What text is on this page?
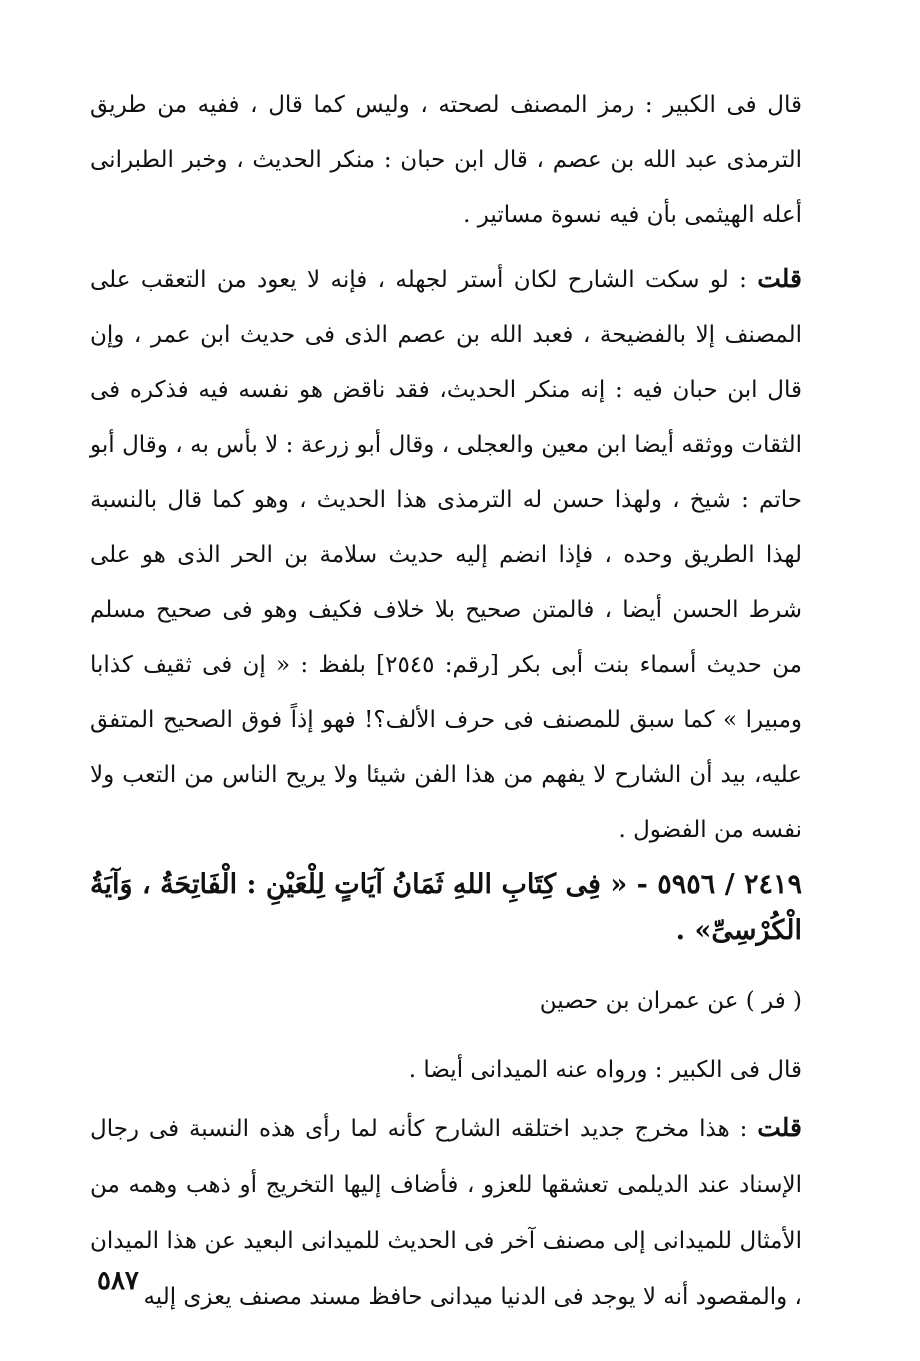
قال فى الكبير : رمز المصنف لصحته ، وليس كما قال ، ففيه من طريق الترمذى عبد الله بن عصم ، قال ابن حبان : منكر الحديث ، وخبر الطبرانى أعله الهيثمى بأن فيه نسوة مساتير .

قلت : لو سكت الشارح لكان أستر لجهله ، فإنه لا يعود من التعقب على المصنف إلا بالفضيحة ، فعبد الله بن عصم الذى فى حديث ابن عمر ، وإن قال ابن حبان فيه : إنه منكر الحديث، فقد ناقض هو نفسه فيه فذكره فى الثقات ووثقه أيضا ابن معين والعجلى ، وقال أبو زرعة : لا بأس به ، وقال أبو حاتم : شيخ ، ولهذا حسن له الترمذى هذا الحديث ، وهو كما قال بالنسبة لهذا الطريق وحده ، فإذا انضم إليه حديث سلامة بن الحر الذى هو على شرط الحسن أيضا ، فالمتن صحيح بلا خلاف فكيف وهو فى صحيح مسلم من حديث أسماء بنت أبى بكر [رقم: ٢٥٤٥] بلفظ : « إن فى ثقيف كذابا ومبيرا » كما سبق للمصنف فى حرف الألف؟! فهو إذاً فوق الصحيح المتفق عليه، بيد أن الشارح لا يفهم من هذا الفن شيئا ولا يريح الناس من التعب ولا نفسه من الفضول .

٢٤١٩ / ٥٩٥٦ - « فِى كِتَابِ اللهِ ثَمَانُ آيَاتٍ لِلْعَيْنِ : الْفَاتِحَةُ ، وَآيَةُ الْكُرْسِىِّ» .

( فر ) عن عمران بن حصين

قال فى الكبير : ورواه عنه الميدانى أيضا .

قلت : هذا مخرج جديد اختلقه الشارح كأنه لما رأى هذه النسبة فى رجال الإسناد عند الديلمى تعشقها للعزو ، فأضاف إليها التخريج أو ذهب وهمه من الأمثال للميدانى إلى مصنف آخر فى الحديث للميدانى البعيد عن هذا الميدان ، والمقصود أنه لا يوجد فى الدنيا ميدانى حافظ مسند مصنف يعزى إليه

٥٨٧
